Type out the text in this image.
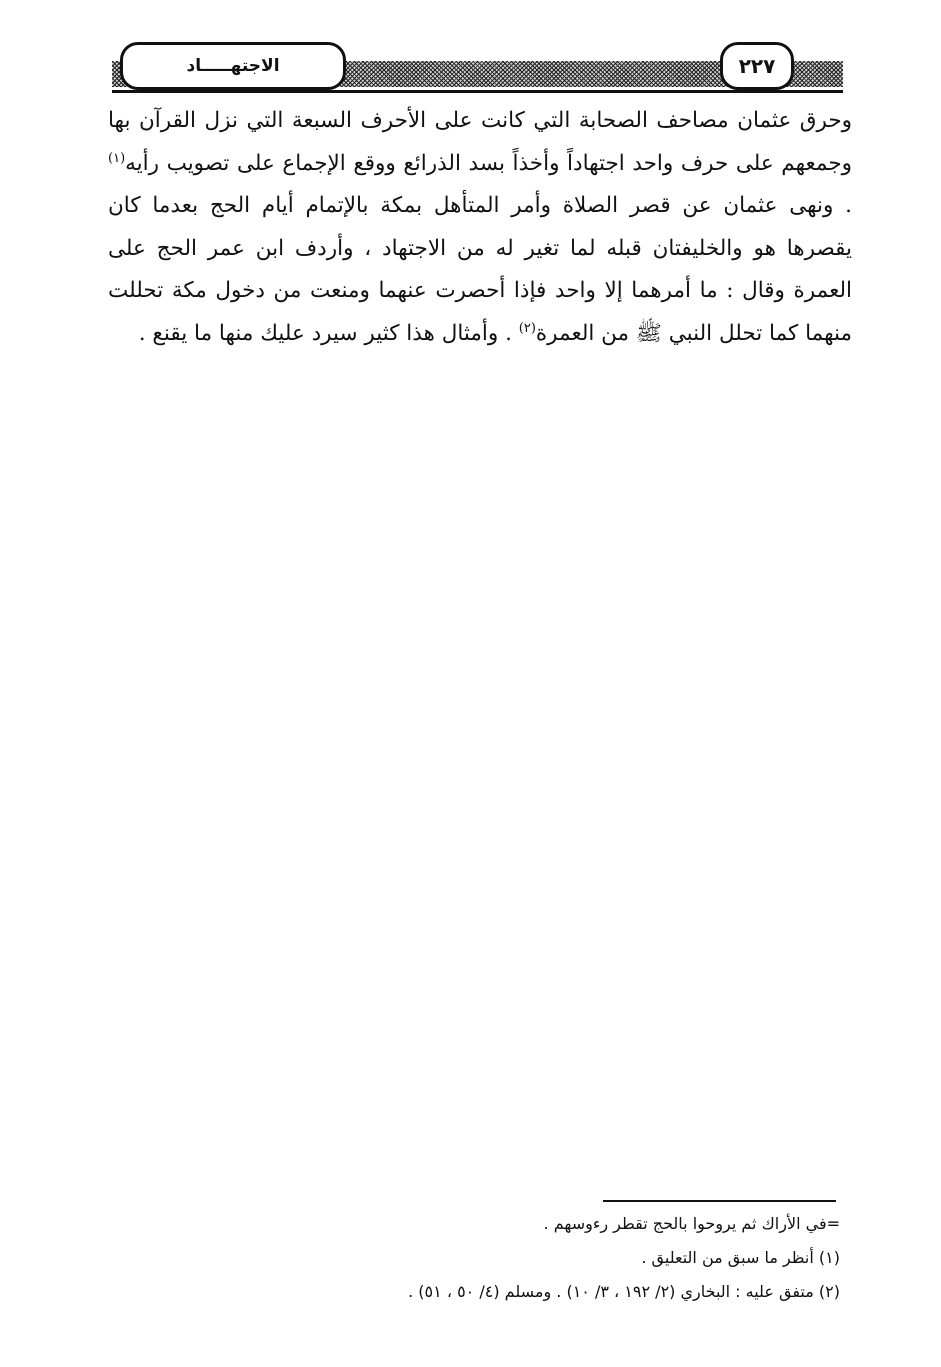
الاجتهـــــاد	٢٢٧

وحرق عثمان مصاحف الصحابة التي كانت على الأحرف السبعة التي نزل القرآن بها وجمعهم على حرف واحد اجتهاداً وأخذاً بسد الذرائع ووقع الإجماع على تصويب رأيه$^{(١)}$ . ونهى عثمان عن قصر الصلاة وأمر المتأهل بمكة بالإتمام أيام الحج بعدما كان يقصرها هو والخليفتان قبله لما تغير له من الاجتهاد ، وأردف ابن عمر الحج على العمرة وقال : ما أمرهما إلا واحد فإذا أحصرت عنهما ومنعت من دخول مكة تحللت منهما كما تحلل النبي ﷺ من العمرة$^{(٢)}$ . وأمثال هذا كثير سيرد عليك منها ما يقنع .

=في الأراك ثم يروحوا بالحج تقطر رءوسهم .
(١) أنظر ما سبق من التعليق .
(٢) متفق عليه : البخاري (٢/ ١٩٢ ، ٣/ ١٠) . ومسلم (٤/ ٥٠ ، ٥١) .
